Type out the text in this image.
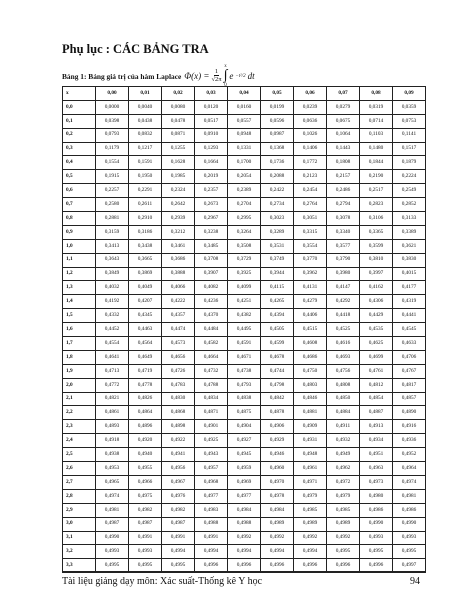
Phụ lục : CÁC BẢNG TRA
Bảng 1: Bảng giá trị của hàm Laplace $\Phi(x) = \frac{1}{√2\pi}$
x
∫
0
e −t²/2 dt
x	0,00	0,01	0,02	0,03	0,04	0,05	0,06	0,07	0,08	0,09
0,0	0,0000	0,0040	0,0080	0,0120	0,0160	0,0199	0,0239	0,0279	0,0319	0,0359
0,1	0,0398	0,0438	0,0478	0,0517	0,0557	0,0596	0,0636	0,0675	0,0714	0,0753
0,2	0,0793	0,0832	0,0871	0,0910	0,0948	0,0987	0,1026	0,1064	0,1103	0,1141
0,3	0,1179	0,1217	0,1255	0,1293	0,1331	0,1368	0,1406	0,1443	0,1480	0,1517
0,4	0,1554	0,1591	0,1628	0,1664	0,1700	0,1736	0,1772	0,1808	0,1844	0,1879
0,5	0,1915	0,1950	0,1985	0,2019	0,2054	0,2088	0,2123	0,2157	0,2190	0,2224
0,6	0,2257	0,2291	0,2324	0,2357	0,2389	0,2422	0,2454	0,2486	0,2517	0,2549
0,7	0,2580	0,2611	0,2642	0,2673	0,2704	0,2734	0,2764	0,2794	0,2823	0,2852
0,8	0,2881	0,2910	0,2939	0,2967	0,2995	0,3023	0,3051	0,3078	0,3106	0,3133
0,9	0,3159	0,3186	0,3212	0,3238	0,3264	0,3289	0,3315	0,3340	0,3365	0,3389
1,0	0,3413	0,3438	0,3461	0,3485	0,3508	0,3531	0,3554	0,3577	0,3599	0,3621
1,1	0,3643	0,3665	0,3686	0,3708	0,3729	0,3749	0,3770	0,3790	0,3810	0,3830
1,2	0,3849	0,3869	0,3888	0,3907	0,3925	0,3944	0,3962	0,3980	0,3997	0,4015
1,3	0,4032	0,4049	0,4066	0,4082	0,4099	0,4115	0,4131	0,4147	0,4162	0,4177
1,4	0,4192	0,4207	0,4222	0,4236	0,4251	0,4265	0,4279	0,4292	0,4306	0,4319
1,5	0,4332	0,4345	0,4357	0,4370	0,4382	0,4394	0,4406	0,4418	0,4429	0,4441
1,6	0,4452	0,4463	0,4474	0,4484	0,4495	0,4505	0,4515	0,4525	0,4535	0,4545
1,7	0,4554	0,4564	0,4573	0,4582	0,4591	0,4599	0,4608	0,4616	0,4625	0,4633
1,8	0,4641	0,4649	0,4656	0,4664	0,4671	0,4678	0,4686	0,4693	0,4699	0,4706
1,9	0,4713	0,4719	0,4726	0,4732	0,4738	0,4744	0,4750	0,4756	0,4761	0,4767
2,0	0,4772	0,4778	0,4783	0,4788	0,4793	0,4798	0,4803	0,4808	0,4812	0,4817
2,1	0,4821	0,4826	0,4830	0,4834	0,4838	0,4842	0,4846	0,4850	0,4854	0,4857
2,2	0,4861	0,4864	0,4868	0,4871	0,4875	0,4878	0,4881	0,4884	0,4887	0,4890
2,3	0,4893	0,4896	0,4898	0,4901	0,4904	0,4906	0,4909	0,4911	0,4913	0,4916
2,4	0,4918	0,4920	0,4922	0,4925	0,4927	0,4929	0,4931	0,4932	0,4934	0,4936
2,5	0,4938	0,4940	0,4941	0,4943	0,4945	0,4946	0,4948	0,4949	0,4951	0,4952
2,6	0,4953	0,4955	0,4956	0,4957	0,4959	0,4960	0,4961	0,4962	0,4963	0,4964
2,7	0,4965	0,4966	0,4967	0,4968	0,4969	0,4970	0,4971	0,4972	0,4973	0,4974
2,8	0,4974	0,4975	0,4976	0,4977	0,4977	0,4978	0,4979	0,4979	0,4980	0,4981
2,9	0,4981	0,4982	0,4982	0,4983	0,4984	0,4984	0,4985	0,4985	0,4986	0,4986
3,0	0,4987	0,4987	0,4987	0,4988	0,4988	0,4989	0,4989	0,4989	0,4990	0,4990
3,1	0,4990	0,4991	0,4991	0,4991	0,4992	0,4992	0,4992	0,4992	0,4993	0,4993
3,2	0,4993	0,4993	0,4994	0,4994	0,4994	0,4994	0,4994	0,4995	0,4995	0,4995
3,3	0,4995	0,4995	0,4995	0,4996	0,4996	0,4996	0,4996	0,4996	0,4996	0,4997
Tài liệu giảng dạy môn: Xác suất-Thống kê Y học	94
